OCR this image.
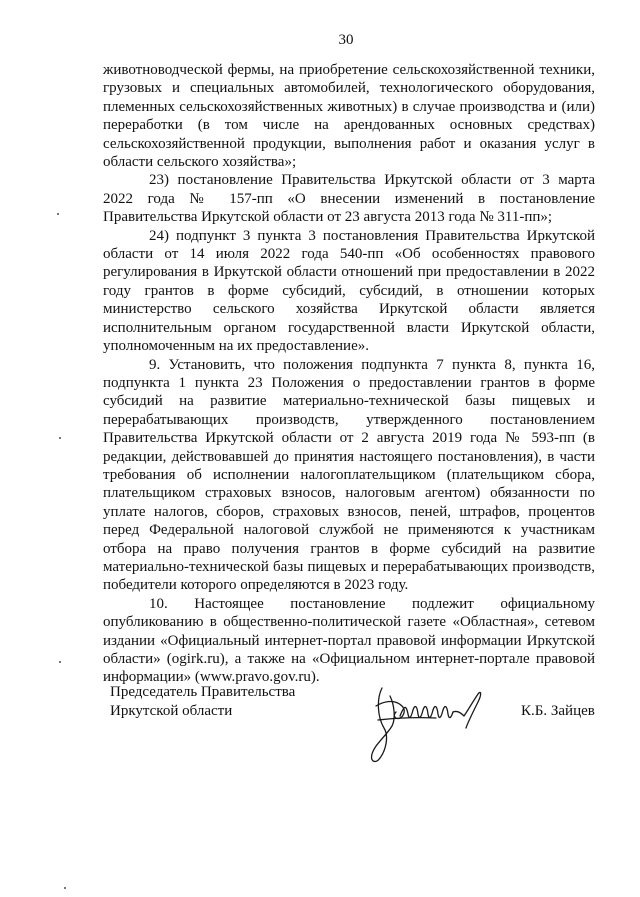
30

животноводческой фермы, на приобретение сельскохозяйственной техники, грузовых и специальных автомобилей, технологического оборудования, племенных сельскохозяйственных животных) в случае производства и (или) переработки (в том числе на арендованных основных средствах) сельскохозяйственной продукции, выполнения работ и оказания услуг в области сельского хозяйства»;

23) постановление Правительства Иркутской области от 3 марта 2022 года № 157-пп «О внесении изменений в постановление Правительства Иркутской области от 23 августа 2013 года № 311-пп»;

24) подпункт 3 пункта 3 постановления Правительства Иркутской области от 14 июля 2022 года 540-пп «Об особенностях правового регулирования в Иркутской области отношений при предоставлении в 2022 году грантов в форме субсидий, субсидий, в отношении которых министерство сельского хозяйства Иркутской области является исполнительным органом государственной власти Иркутской области, уполномоченным на их предоставление».

9. Установить, что положения подпункта 7 пункта 8, пункта 16, подпункта 1 пункта 23 Положения о предоставлении грантов в форме субсидий на развитие материально-технической базы пищевых и перерабатывающих производств, утвержденного постановлением Правительства Иркутской области от 2 августа 2019 года № 593-пп (в редакции, действовавшей до принятия настоящего постановления), в части требования об исполнении налогоплательщиком (плательщиком сбора, плательщиком страховых взносов, налоговым агентом) обязанности по уплате налогов, сборов, страховых взносов, пеней, штрафов, процентов перед Федеральной налоговой службой не применяются к участникам отбора на право получения грантов в форме субсидий на развитие материально-технической базы пищевых и перерабатывающих производств, победители которого определяются в 2023 году.

10. Настоящее постановление подлежит официальному опубликованию в общественно-политической газете «Областная», сетевом издании «Официальный интернет-портал правовой информации Иркутской области» (ogirk.ru), а также на «Официальном интернет-портале правовой информации» (www.pravo.gov.ru).

Председатель Правительства
Иркутской области	К.Б. Зайцев
